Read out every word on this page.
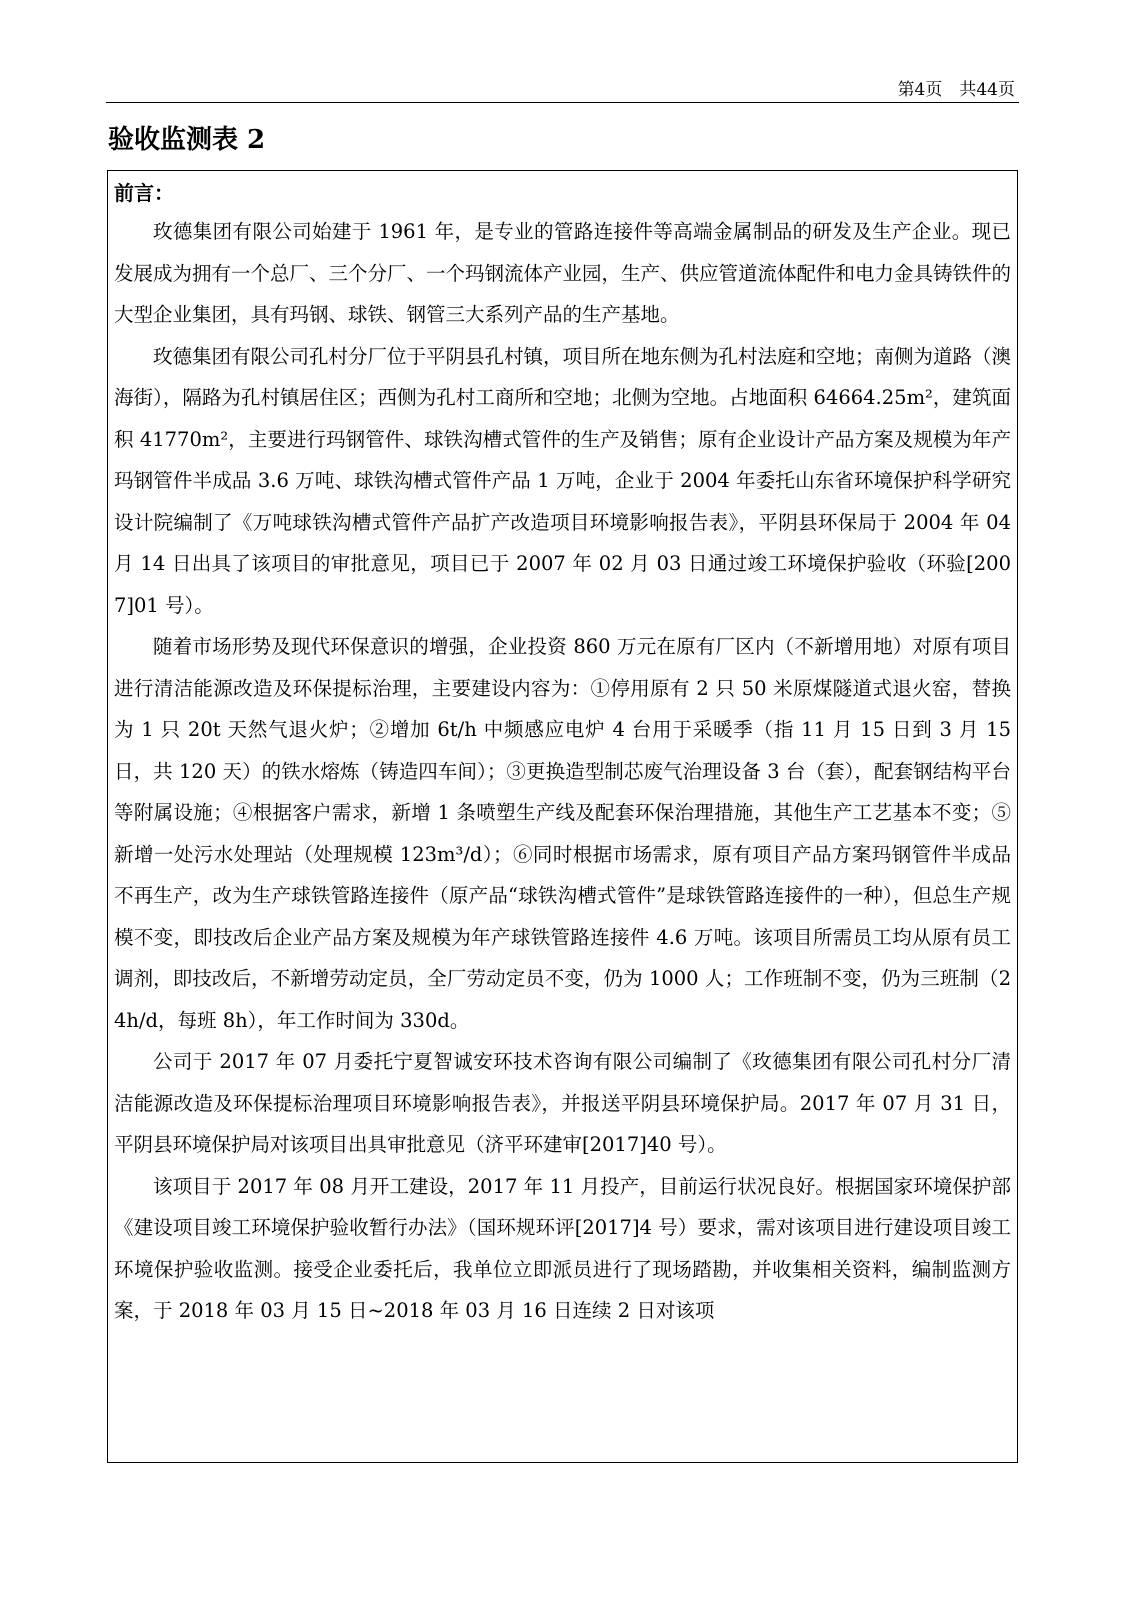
第4页　共44页
验收监测表 2

前言：

玫德集团有限公司始建于 1961 年，是专业的管路连接件等高端金属制品的研发及生产企业。现已发展成为拥有一个总厂、三个分厂、一个玛钢流体产业园，生产、供应管道流体配件和电力金具铸铁件的大型企业集团，具有玛钢、球铁、钢管三大系列产品的生产基地。

玫德集团有限公司孔村分厂位于平阴县孔村镇，项目所在地东侧为孔村法庭和空地；南侧为道路（澳海街），隔路为孔村镇居住区；西侧为孔村工商所和空地；北侧为空地。占地面积 64664.25m²，建筑面积 41770m²，主要进行玛钢管件、球铁沟槽式管件的生产及销售；原有企业设计产品方案及规模为年产玛钢管件半成品 3.6 万吨、球铁沟槽式管件产品 1 万吨，企业于 2004 年委托山东省环境保护科学研究设计院编制了《万吨球铁沟槽式管件产品扩产改造项目环境影响报告表》，平阴县环保局于 2004 年 04 月 14 日出具了该项目的审批意见，项目已于 2007 年 02 月 03 日通过竣工环境保护验收（环验[2007]01 号）。

随着市场形势及现代环保意识的增强，企业投资 860 万元在原有厂区内（不新增用地）对原有项目进行清洁能源改造及环保提标治理，主要建设内容为：①停用原有 2 只 50 米原煤隧道式退火窑，替换为 1 只 20t 天然气退火炉；②增加 6t/h 中频感应电炉 4 台用于采暖季（指 11 月 15 日到 3 月 15 日，共 120 天）的铁水熔炼（铸造四车间）；③更换造型制芯废气治理设备 3 台（套），配套钢结构平台等附属设施；④根据客户需求，新增 1 条喷塑生产线及配套环保治理措施，其他生产工艺基本不变；⑤新增一处污水处理站（处理规模 123m³/d）；⑥同时根据市场需求，原有项目产品方案玛钢管件半成品不再生产，改为生产球铁管路连接件（原产品“球铁沟槽式管件”是球铁管路连接件的一种），但总生产规模不变，即技改后企业产品方案及规模为年产球铁管路连接件 4.6 万吨。该项目所需员工均从原有员工调剂，即技改后，不新增劳动定员，全厂劳动定员不变，仍为 1000 人；工作班制不变，仍为三班制（24h/d，每班 8h），年工作时间为 330d。

公司于 2017 年 07 月委托宁夏智诚安环技术咨询有限公司编制了《玫德集团有限公司孔村分厂清洁能源改造及环保提标治理项目环境影响报告表》，并报送平阴县环境保护局。2017 年 07 月 31 日，平阴县环境保护局对该项目出具审批意见（济平环建审[2017]40 号）。

该项目于 2017 年 08 月开工建设，2017 年 11 月投产，目前运行状况良好。根据国家环境保护部《建设项目竣工环境保护验收暂行办法》（国环规环评[2017]4 号）要求，需对该项目进行建设项目竣工环境保护验收监测。接受企业委托后，我单位立即派员进行了现场踏勘，并收集相关资料，编制监测方案，于 2018 年 03 月 15 日~2018 年 03 月 16 日连续 2 日对该项
